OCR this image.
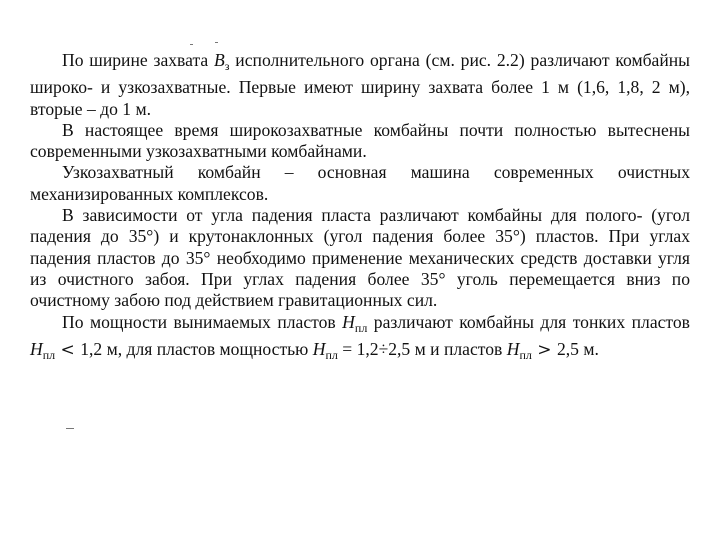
По ширине захвата $B_з$ исполнительного органа (см. рис. 2.2) различают комбайны широко- и узкозахватные. Первые имеют ширину захвата более 1 м (1,6, 1,8, 2 м), вторые – до 1 м.

В настоящее время широкозахватные комбайны почти полностью вытеснены современными узкозахватными комбайнами.

Узкозахватный комбайн – основная машина современных очистных механизированных комплексов.

В зависимости от угла падения пласта различают комбайны для полого- (угол падения до 35°) и крутонаклонных (угол падения более 35°) пластов. При углах падения пластов до 35° необходимо применение механических средств доставки угля из очистного забоя. При углах падения более 35° уголь перемещается вниз по очистному забою под действием гравитационных сил.

По мощности вынимаемых пластов $H_{пл}$ различают комбайны для тонких пластов $H_{пл} < 1,2$ м, для пластов мощностью $H_{пл} = 1,2\div 2,5$ м и пластов $H_{пл} > 2,5$ м.
